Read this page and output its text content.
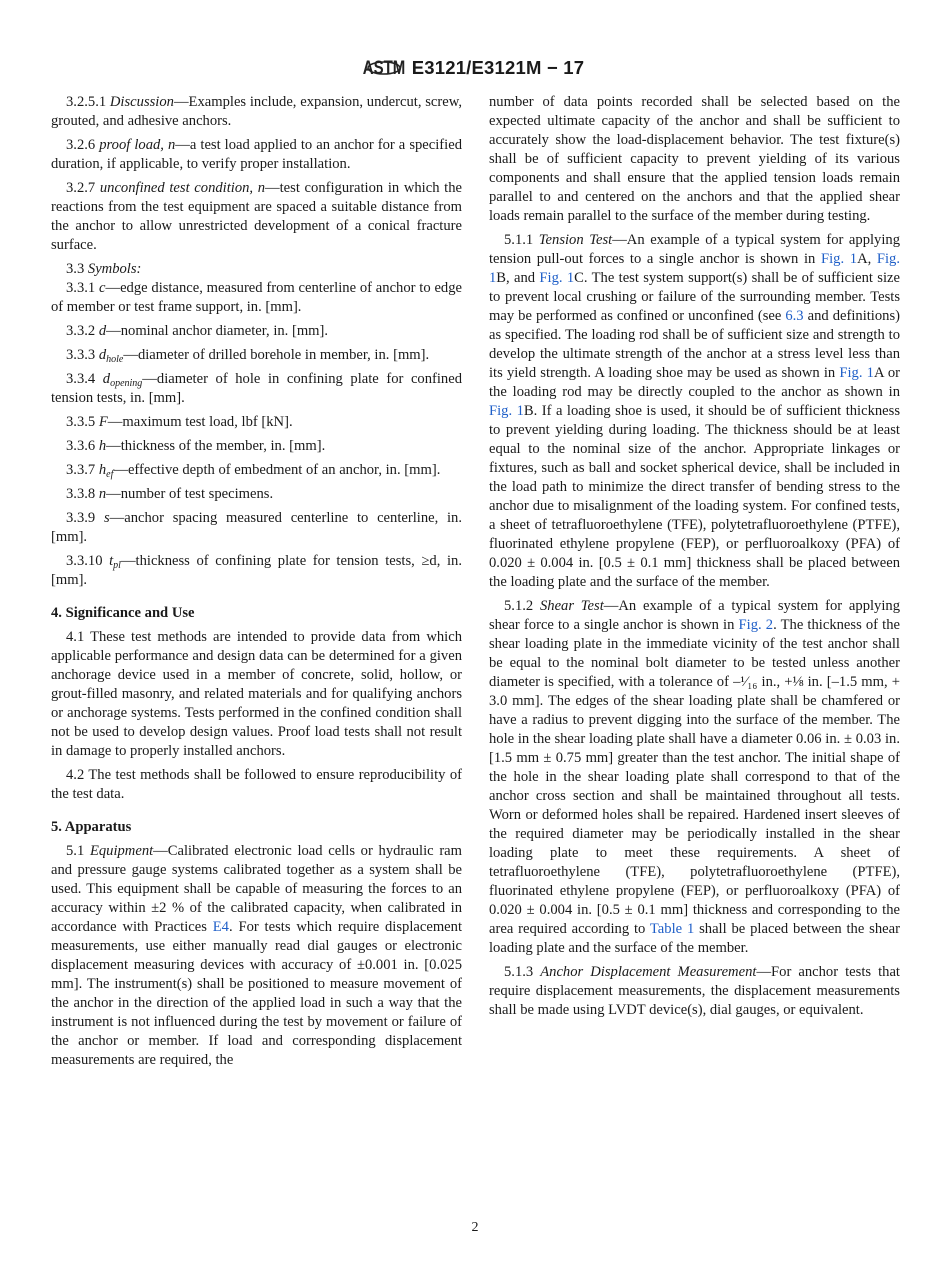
ASTM E3121/E3121M − 17

3.2.5.1 Discussion—Examples include, expansion, undercut, screw, grouted, and adhesive anchors.

3.2.6 proof load, n—a test load applied to an anchor for a specified duration, if applicable, to verify proper installation.

3.2.7 unconfined test condition, n—test configuration in which the reactions from the test equipment are spaced a suitable distance from the anchor to allow unrestricted development of a conical fracture surface.

3.3 Symbols:

3.3.1 c—edge distance, measured from centerline of anchor to edge of member or test frame support, in. [mm].

3.3.2 d—nominal anchor diameter, in. [mm].

3.3.3 $d_{hole}—diameter$ of drilled borehole in member, in. [mm].

3.3.4 $d_{opening}—diameter$ of hole in confining plate for confined tension tests, in. [mm].

3.3.5 F—maximum test load, lbf [kN].

3.3.6 h—thickness of the member, in. [mm].

3.3.7 $h_{ef}—effective$ depth of embedment of an anchor, in. [mm].

3.3.8 n—number of test specimens.

3.3.9 s—anchor spacing measured centerline to centerline, in. [mm].

3.3.10 $t_{pl}—thickness$ of confining plate for tension tests, ≥d, in. [mm].

4. Significance and Use

4.1 These test methods are intended to provide data from which applicable performance and design data can be determined for a given anchorage device used in a member of concrete, solid, hollow, or grout-filled masonry, and related materials and for qualifying anchors or anchorage systems. Tests performed in the confined condition shall not be used to develop design values. Proof load tests shall not result in damage to properly installed anchors.

4.2 The test methods shall be followed to ensure reproducibility of the test data.

5. Apparatus

5.1 Equipment—Calibrated electronic load cells or hydraulic ram and pressure gauge systems calibrated together as a system shall be used. This equipment shall be capable of measuring the forces to an accuracy within ±2 % of the calibrated capacity, when calibrated in accordance with Practices E4. For tests which require displacement measurements, use either manually read dial gauges or electronic displacement measuring devices with accuracy of ±0.001 in. [0.025 mm]. The instrument(s) shall be positioned to measure movement of the anchor in the direction of the applied load in such a way that the instrument is not influenced during the test by movement or failure of the anchor or member. If load and corresponding displacement measurements are required, the

number of data points recorded shall be selected based on the expected ultimate capacity of the anchor and shall be sufficient to accurately show the load-displacement behavior. The test fixture(s) shall be of sufficient capacity to prevent yielding of its various components and shall ensure that the applied tension loads remain parallel to and centered on the anchors and that the applied shear loads remain parallel to the surface of the member during testing.

5.1.1 Tension Test—An example of a typical system for applying tension pull-out forces to a single anchor is shown in Fig. 1A, Fig. 1B, and Fig. 1C. The test system support(s) shall be of sufficient size to prevent local crushing or failure of the surrounding member. Tests may be performed as confined or unconfined (see 6.3 and definitions) as specified. The loading rod shall be of sufficient size and strength to develop the ultimate strength of the anchor at a stress level less than its yield strength. A loading shoe may be used as shown in Fig. 1A or the loading rod may be directly coupled to the anchor as shown in Fig. 1B. If a loading shoe is used, it should be of sufficient thickness to prevent yielding during loading. The thickness should be at least equal to the nominal size of the anchor. Appropriate linkages or fixtures, such as ball and socket spherical device, shall be included in the load path to minimize the direct transfer of bending stress to the anchor due to misalignment of the loading system. For confined tests, a sheet of tetrafluoroethylene (TFE), polytetrafluoroethylene (PTFE), fluorinated ethylene propylene (FEP), or perfluoroalkoxy (PFA) of 0.020 ± 0.004 in. [0.5 ± 0.1 mm] thickness shall be placed between the loading plate and the surface of the member.

5.1.2 Shear Test—An example of a typical system for applying shear force to a single anchor is shown in Fig. 2. The thickness of the shear loading plate in the immediate vicinity of the test anchor shall be equal to the nominal bolt diameter to be tested unless another diameter is specified, with a tolerance of –¹⁄₁₆ in., +⅛ in. [–1.5 mm, + 3.0 mm]. The edges of the shear loading plate shall be chamfered or have a radius to prevent digging into the surface of the member. The hole in the shear loading plate shall have a diameter 0.06 in. ± 0.03 in. [1.5 mm ± 0.75 mm] greater than the test anchor. The initial shape of the hole in the shear loading plate shall correspond to that of the anchor cross section and shall be maintained throughout all tests. Worn or deformed holes shall be repaired. Hardened insert sleeves of the required diameter may be periodically installed in the shear loading plate to meet these requirements. A sheet of tetrafluoroethylene (TFE), polytetrafluoroethylene (PTFE), fluorinated ethylene propylene (FEP), or perfluoroalkoxy (PFA) of 0.020 ± 0.004 in. [0.5 ± 0.1 mm] thickness and corresponding to the area required according to Table 1 shall be placed between the shear loading plate and the surface of the member.

5.1.3 Anchor Displacement Measurement—For anchor tests that require displacement measurements, the displacement measurements shall be made using LVDT device(s), dial gauges, or equivalent.

2
